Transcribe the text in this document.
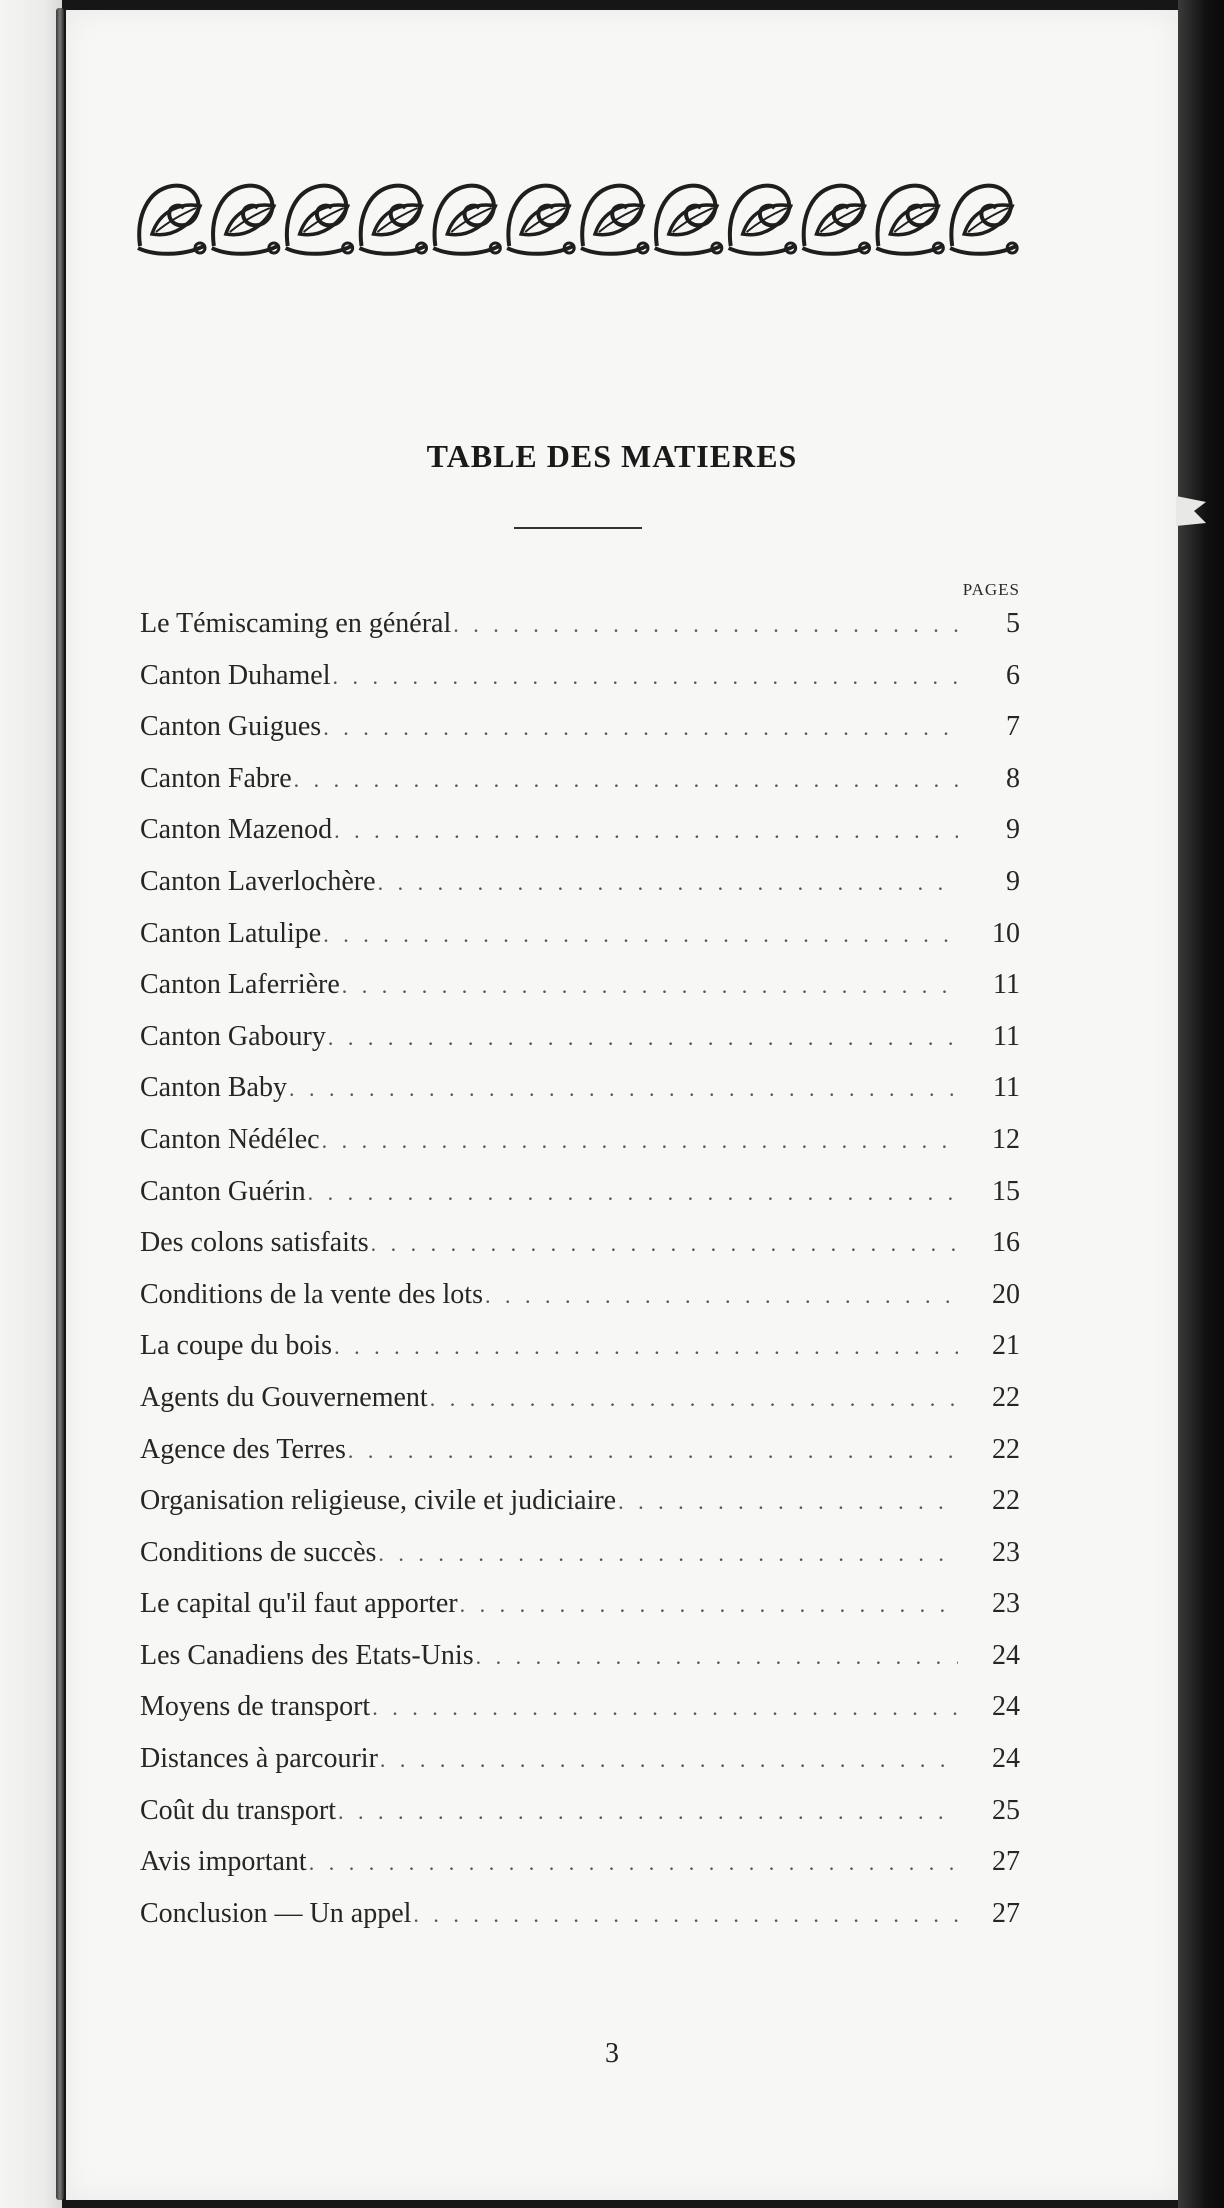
TABLE DES MATIERES
PAGES
Le Témiscaming en général . . .	5
Canton Duhamel . . .	6
Canton Guigues . . .	7
Canton Fabre . . .	8
Canton Mazenod . . .	9
Canton Laverlochère . . .	9
Canton Latulipe . . .	10
Canton Laferrière . . .	11
Canton Gaboury . . .	11
Canton Baby . . .	11
Canton Nédélec . . .	12
Canton Guérin . . .	15
Des colons satisfaits . . .	16
Conditions de la vente des lots . . .	20
La coupe du bois . . .	21
Agents du Gouvernement . . .	22
Agence des Terres . . .	22
Organisation religieuse, civile et judiciaire . . .	22
Conditions de succès . . .	23
Le capital qu'il faut apporter . . .	23
Les Canadiens des Etats-Unis . . .	24
Moyens de transport . . .	24
Distances à parcourir . . .	24
Coût du transport . . .	25
Avis important . . .	27
Conclusion — Un appel . . .	27
3
